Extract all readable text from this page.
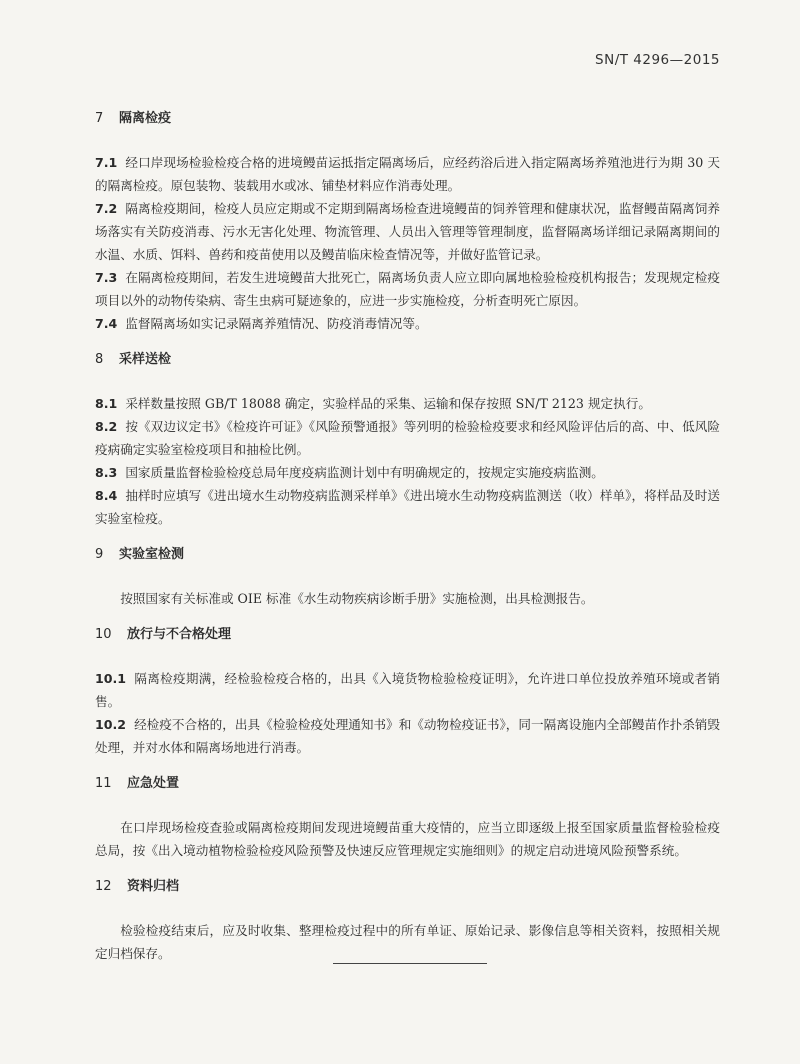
SN/T 4296—2015
7 隔离检疫
7.1 经口岸现场检验检疫合格的进境鳗苗运抵指定隔离场后，应经药浴后进入指定隔离场养殖池进行为期 30 天的隔离检疫。原包装物、装载用水或冰、铺垫材料应作消毒处理。
7.2 隔离检疫期间，检疫人员应定期或不定期到隔离场检查进境鳗苗的饲养管理和健康状况，监督鳗苗隔离饲养场落实有关防疫消毒、污水无害化处理、物流管理、人员出入管理等管理制度，监督隔离场详细记录隔离期间的水温、水质、饵料、兽药和疫苗使用以及鳗苗临床检查情况等，并做好监管记录。
7.3 在隔离检疫期间，若发生进境鳗苗大批死亡，隔离场负责人应立即向属地检验检疫机构报告；发现规定检疫项目以外的动物传染病、寄生虫病可疑迹象的，应进一步实施检疫，分析查明死亡原因。
7.4 监督隔离场如实记录隔离养殖情况、防疫消毒情况等。
8 采样送检
8.1 采样数量按照 GB/T 18088 确定，实验样品的采集、运输和保存按照 SN/T 2123 规定执行。
8.2 按《双边议定书》《检疫许可证》《风险预警通报》等列明的检验检疫要求和经风险评估后的高、中、低风险疫病确定实验室检疫项目和抽检比例。
8.3 国家质量监督检验检疫总局年度疫病监测计划中有明确规定的，按规定实施疫病监测。
8.4 抽样时应填写《进出境水生动物疫病监测采样单》《进出境水生动物疫病监测送（收）样单》，将样品及时送实验室检疫。
9 实验室检测
按照国家有关标准或 OIE 标准《水生动物疾病诊断手册》实施检测，出具检测报告。
10 放行与不合格处理
10.1 隔离检疫期满，经检验检疫合格的，出具《入境货物检验检疫证明》，允许进口单位投放养殖环境或者销售。
10.2 经检疫不合格的，出具《检验检疫处理通知书》和《动物检疫证书》，同一隔离设施内全部鳗苗作扑杀销毁处理，并对水体和隔离场地进行消毒。
11 应急处置
在口岸现场检疫查验或隔离检疫期间发现进境鳗苗重大疫情的，应当立即逐级上报至国家质量监督检验检疫总局，按《出入境动植物检验检疫风险预警及快速反应管理规定实施细则》的规定启动进境风险预警系统。
12 资料归档
检验检疫结束后，应及时收集、整理检疫过程中的所有单证、原始记录、影像信息等相关资料，按照相关规定归档保存。
